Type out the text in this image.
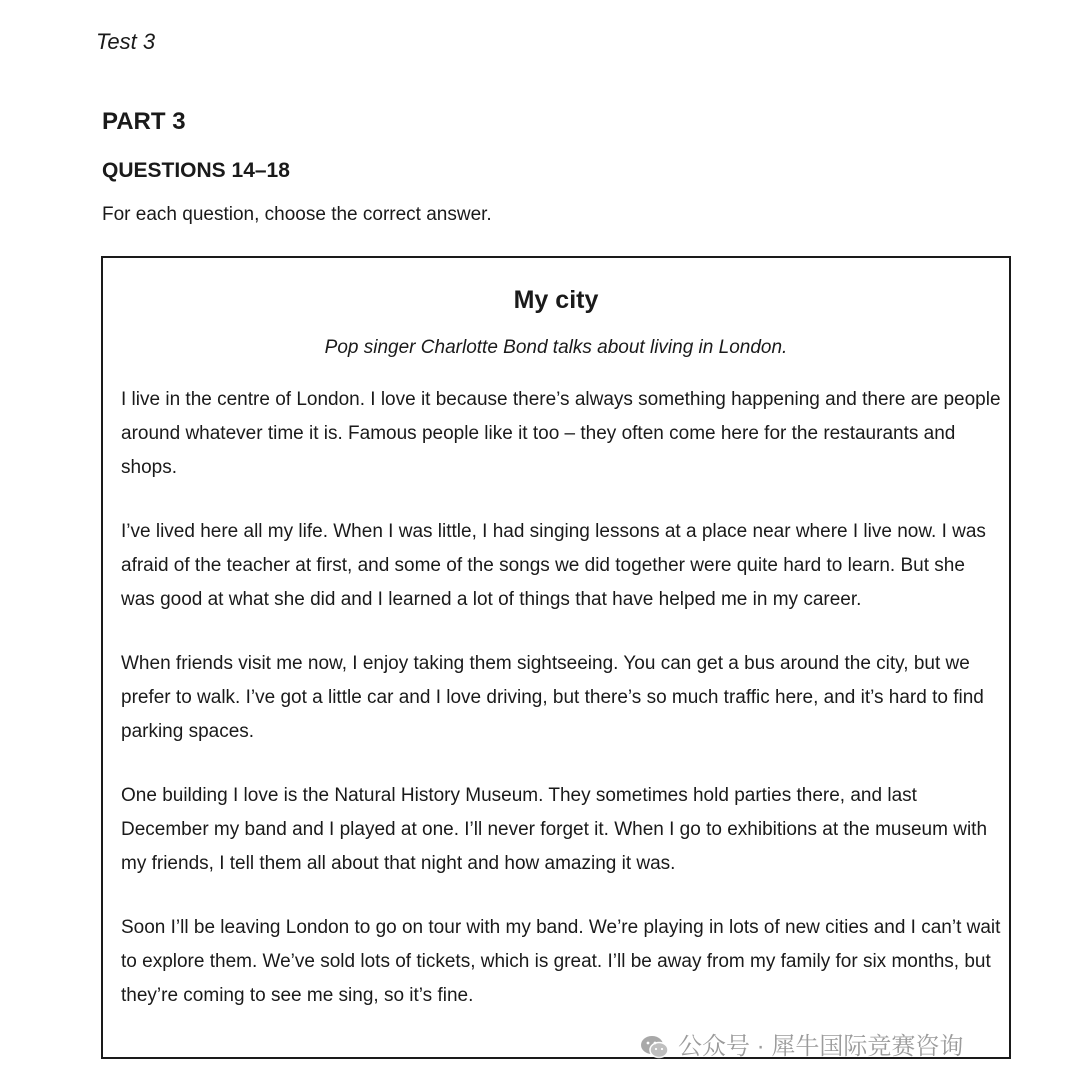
Test 3
PART 3
QUESTIONS 14–18
For each question, choose the correct answer.
My city
Pop singer Charlotte Bond talks about living in London.

I live in the centre of London. I love it because there’s always something happening and there are people around whatever time it is. Famous people like it too – they often come here for the restaurants and shops.

I’ve lived here all my life. When I was little, I had singing lessons at a place near where I live now. I was afraid of the teacher at first, and some of the songs we did together were quite hard to learn. But she was good at what she did and I learned a lot of things that have helped me in my career.

When friends visit me now, I enjoy taking them sightseeing. You can get a bus around the city, but we prefer to walk. I’ve got a little car and I love driving, but there’s so much traffic here, and it’s hard to find parking spaces.

One building I love is the Natural History Museum. They sometimes hold parties there, and last December my band and I played at one. I’ll never forget it. When I go to exhibitions at the museum with my friends, I tell them all about that night and how amazing it was.

Soon I’ll be leaving London to go on tour with my band. We’re playing in lots of new cities and I can’t wait to explore them. We’ve sold lots of tickets, which is great. I’ll be away from my family for six months, but they’re coming to see me sing, so it’s fine.

公众号 · 犀牛国际竞赛咨询
